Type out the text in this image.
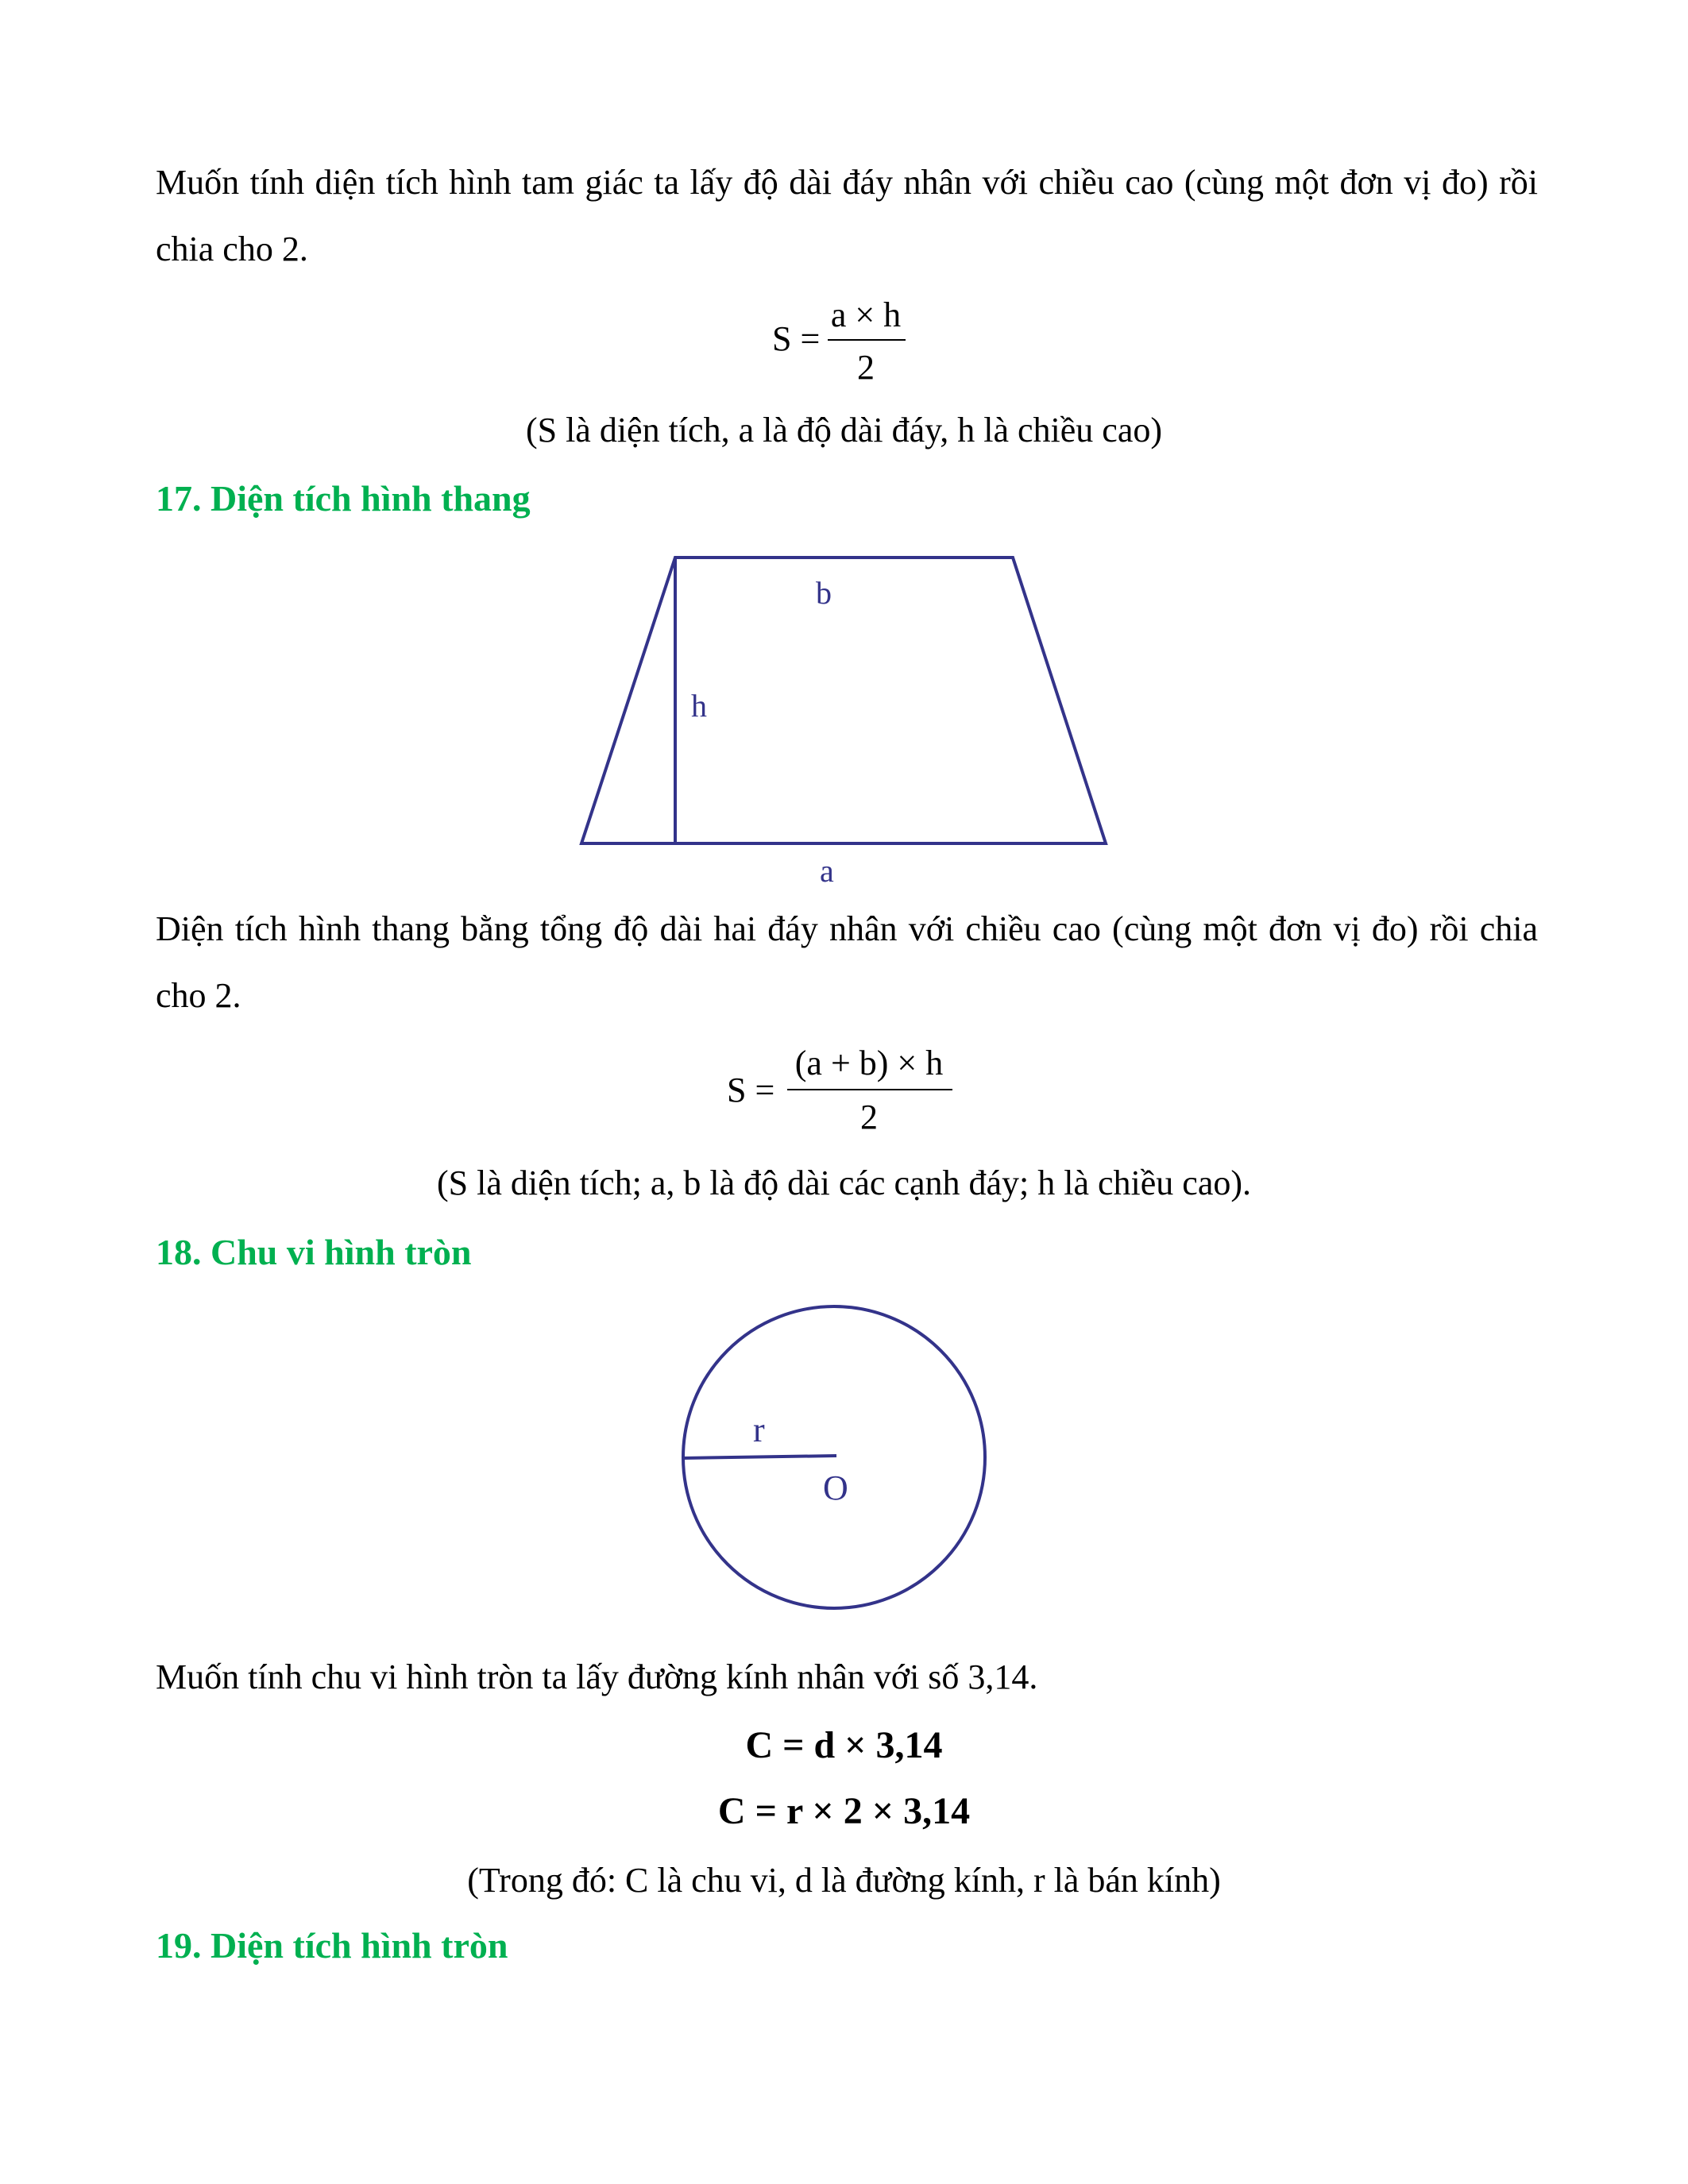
Muốn tính diện tích hình tam giác ta lấy độ dài đáy nhân với chiều cao (cùng một đơn vị đo) rồi chia cho 2.

S =
a × h
2

(S là diện tích, a là độ dài đáy, h là chiều cao)

17. Diện tích hình thang
b
h
a

Diện tích hình thang bằng tổng độ dài hai đáy nhân với chiều cao (cùng một đơn vị đo) rồi chia cho 2.

S =
(a + b) × h
2

(S là diện tích; a, b là độ dài các cạnh đáy; h là chiều cao).

18. Chu vi hình tròn
r
O

Muốn tính chu vi hình tròn ta lấy đường kính nhân với số 3,14.

C = d × 3,14

C = r × 2 × 3,14

(Trong đó: C là chu vi, d là đường kính, r là bán kính)

19. Diện tích hình tròn
